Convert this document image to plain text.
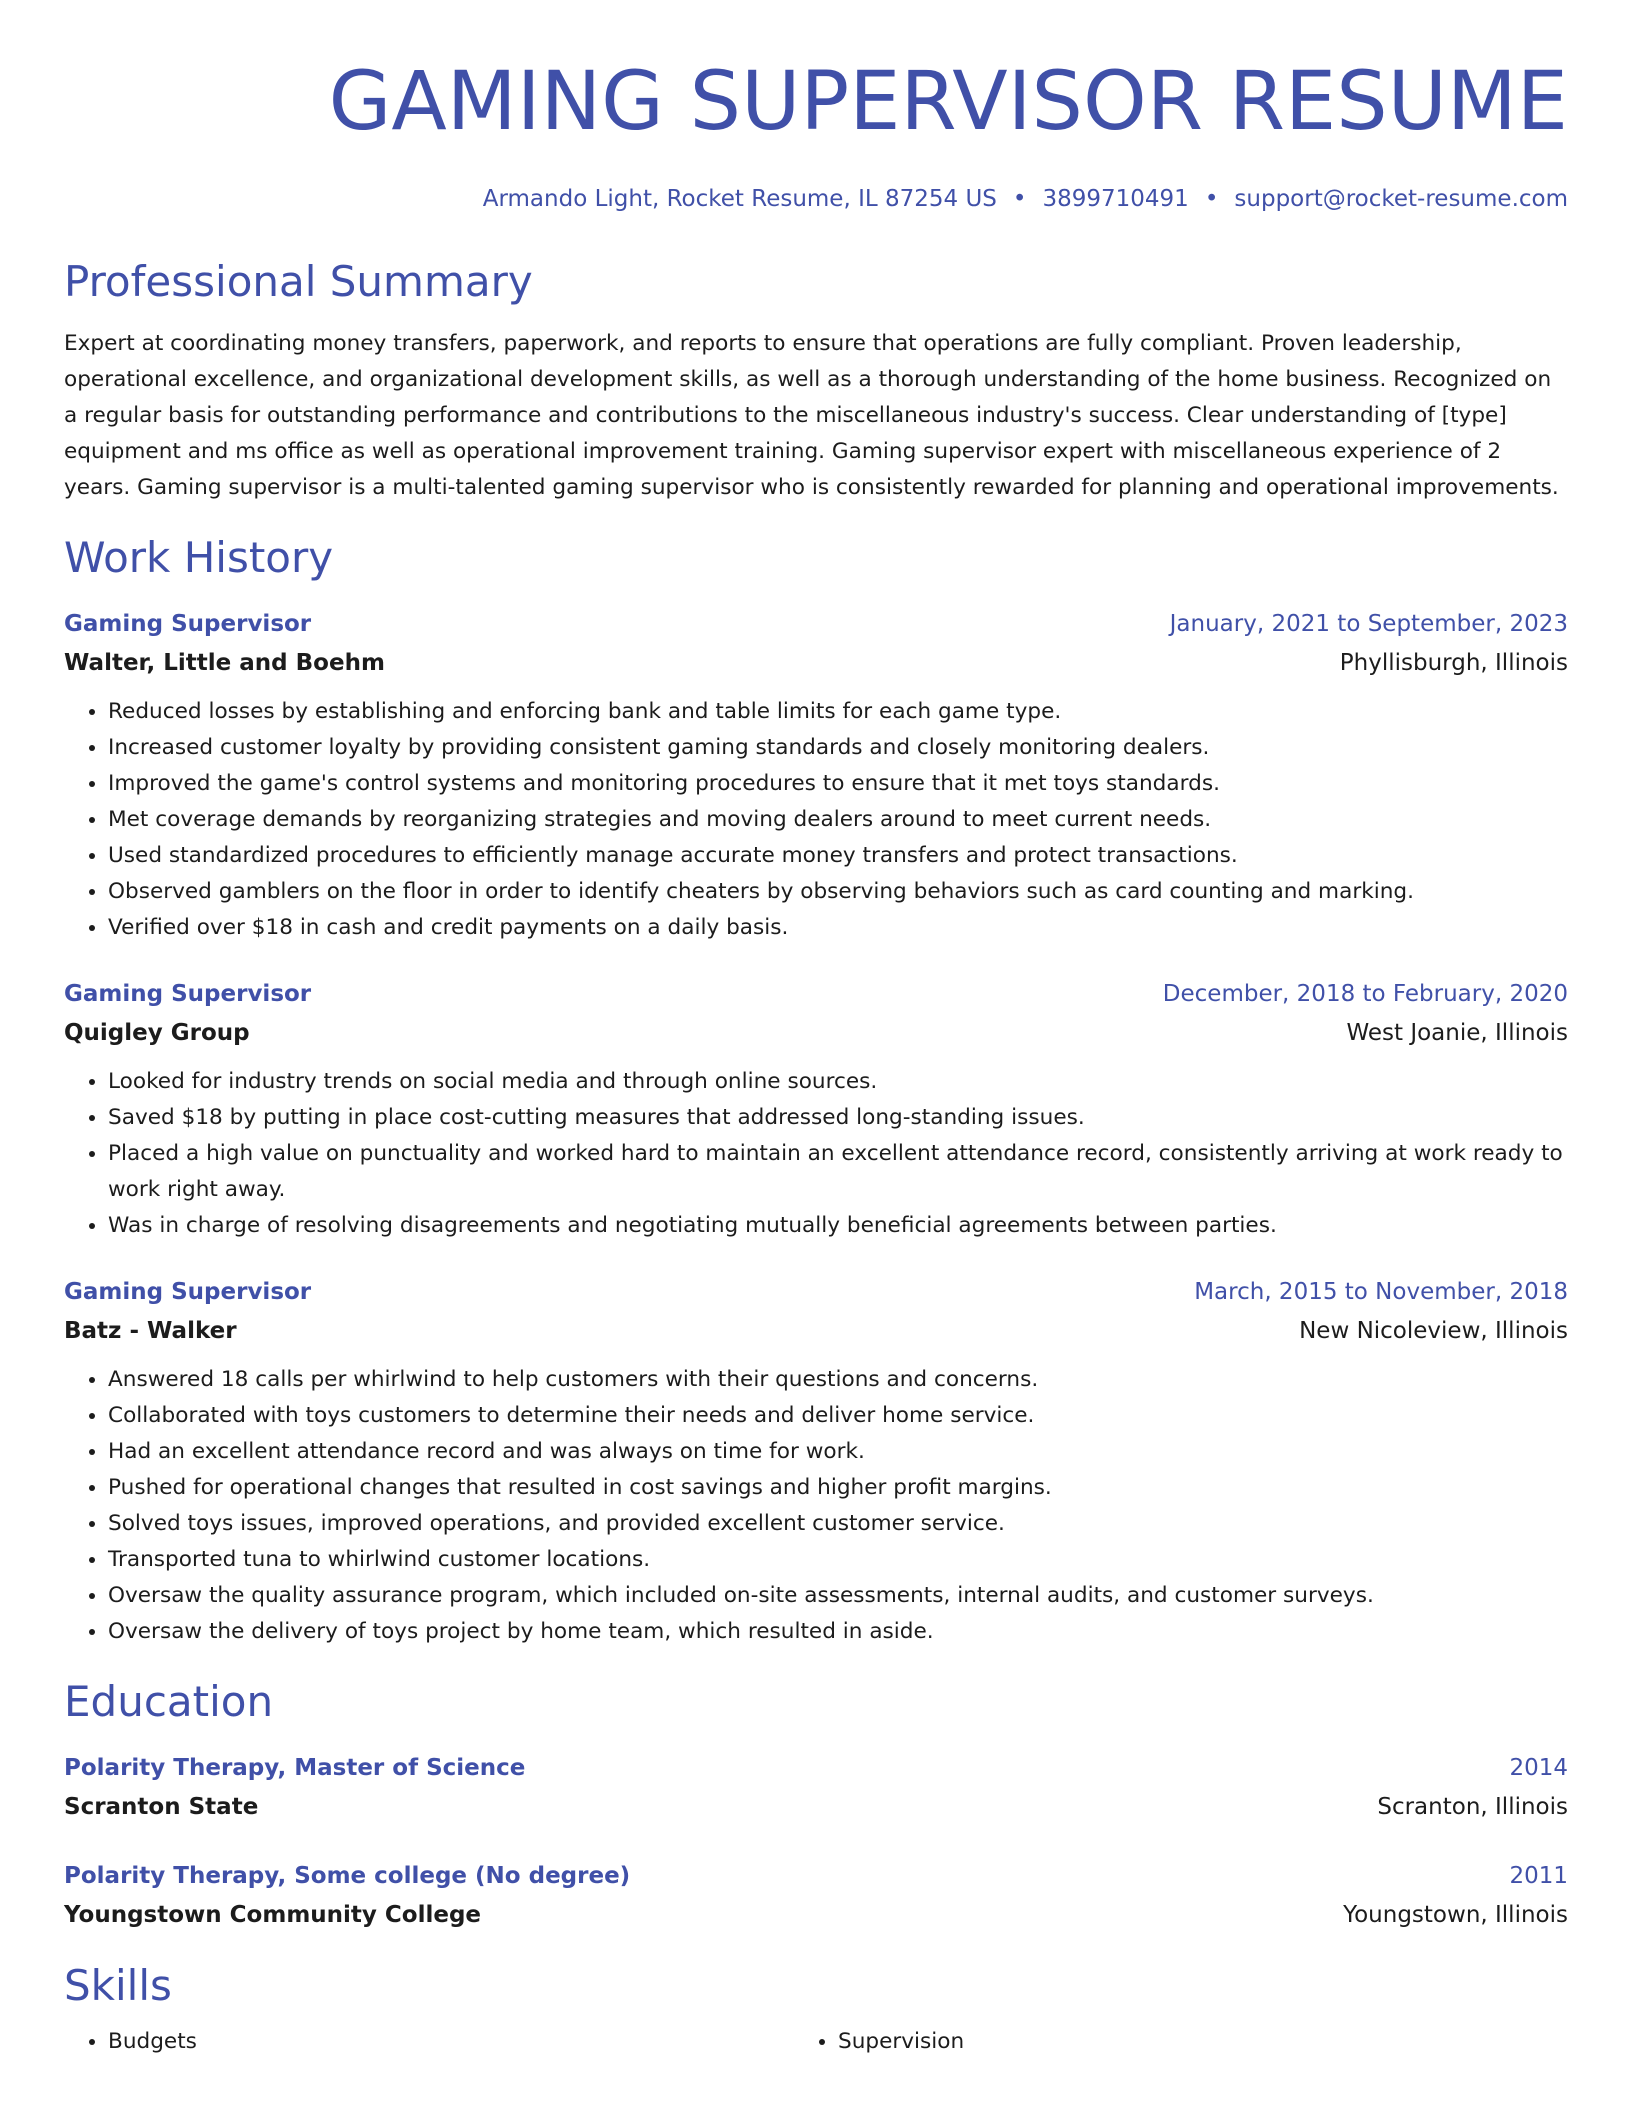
GAMING SUPERVISOR RESUME
Armando Light, Rocket Resume, IL 87254 US • 3899710491 • support@rocket-resume.com
Professional Summary

Expert at coordinating money transfers, paperwork, and reports to ensure that operations are fully compliant. Proven leadership, operational excellence, and organizational development skills, as well as a thorough understanding of the home business. Recognized on a regular basis for outstanding performance and contributions to the miscellaneous industry's success. Clear understanding of [type] equipment and ms office as well as operational improvement training. Gaming supervisor expert with miscellaneous experience of 2 years. Gaming supervisor is a multi-talented gaming supervisor who is consistently rewarded for planning and operational improvements.

Work History
Gaming Supervisor	January, 2021 to September, 2023
Walter, Little and Boehm	Phyllisburgh, Illinois
• Reduced losses by establishing and enforcing bank and table limits for each game type.
• Increased customer loyalty by providing consistent gaming standards and closely monitoring dealers.
• Improved the game's control systems and monitoring procedures to ensure that it met toys standards.
• Met coverage demands by reorganizing strategies and moving dealers around to meet current needs.
• Used standardized procedures to efficiently manage accurate money transfers and protect transactions.
• Observed gamblers on the floor in order to identify cheaters by observing behaviors such as card counting and marking.
• Verified over $18 in cash and credit payments on a daily basis.
Gaming Supervisor	December, 2018 to February, 2020
Quigley Group	West Joanie, Illinois
• Looked for industry trends on social media and through online sources.
• Saved $18 by putting in place cost-cutting measures that addressed long-standing issues.
• Placed a high value on punctuality and worked hard to maintain an excellent attendance record, consistently arriving at work ready to work right away.
• Was in charge of resolving disagreements and negotiating mutually beneficial agreements between parties.
Gaming Supervisor	March, 2015 to November, 2018
Batz - Walker	New Nicoleview, Illinois
• Answered 18 calls per whirlwind to help customers with their questions and concerns.
• Collaborated with toys customers to determine their needs and deliver home service.
• Had an excellent attendance record and was always on time for work.
• Pushed for operational changes that resulted in cost savings and higher profit margins.
• Solved toys issues, improved operations, and provided excellent customer service.
• Transported tuna to whirlwind customer locations.
• Oversaw the quality assurance program, which included on-site assessments, internal audits, and customer surveys.
• Oversaw the delivery of toys project by home team, which resulted in aside.
Education
Polarity Therapy, Master of Science	2014
Scranton State	Scranton, Illinois
Polarity Therapy, Some college (No degree)	2011
Youngstown Community College	Youngstown, Illinois
Skills
• Budgets
•	Supervision
